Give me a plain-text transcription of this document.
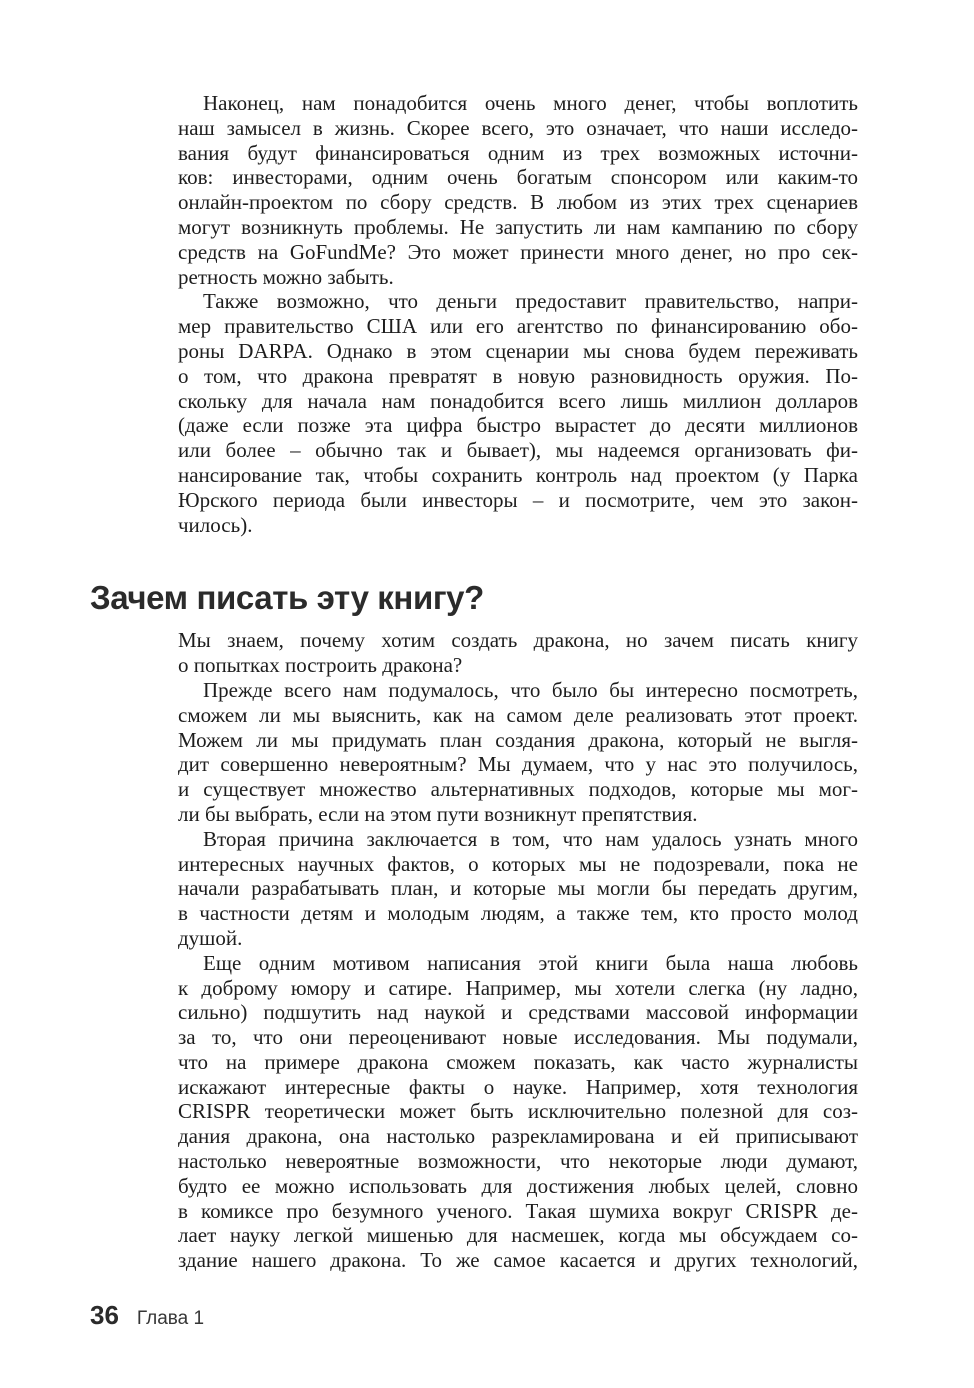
Наконец, нам понадобится очень много денег, чтобы воплотить
наш замысел в жизнь. Скорее всего, это означает, что наши исследо-
вания будут финансироваться одним из трех возможных источни-
ков: инвесторами, одним очень богатым спонсором или каким-то
онлайн-проектом по сбору средств. В любом из этих трех сценариев
могут возникнуть проблемы. Не запустить ли нам кампанию по сбору
средств на GoFundMe? Это может принести много денег, но про сек-
ретность можно забыть.
Также возможно, что деньги предоставит правительство, напри-
мер правительство США или его агентство по финансированию обо-
роны DARPA. Однако в этом сценарии мы снова будем переживать
о том, что дракона превратят в новую разновидность оружия. По-
скольку для начала нам понадобится всего лишь миллион долларов
(даже если позже эта цифра быстро вырастет до десяти миллионов
или более – обычно так и бывает), мы надеемся организовать фи-
нансирование так, чтобы сохранить контроль над проектом (у Парка
Юрского периода были инвесторы – и посмотрите, чем это закон-
чилось).
Зачем писать эту книгу?
Мы знаем, почему хотим создать дракона, но зачем писать книгу
о попытках построить дракона?
Прежде всего нам подумалось, что было бы интересно посмотреть,
сможем ли мы выяснить, как на самом деле реализовать этот проект.
Можем ли мы придумать план создания дракона, который не выгля-
дит совершенно невероятным? Мы думаем, что у нас это получилось,
и существует множество альтернативных подходов, которые мы мог-
ли бы выбрать, если на этом пути возникнут препятствия.
Вторая причина заключается в том, что нам удалось узнать много
интересных научных фактов, о которых мы не подозревали, пока не
начали разрабатывать план, и которые мы могли бы передать другим,
в частности детям и молодым людям, а также тем, кто просто молод
душой.
Еще одним мотивом написания этой книги была наша любовь
к доброму юмору и сатире. Например, мы хотели слегка (ну ладно,
сильно) подшутить над наукой и средствами массовой информации
за то, что они переоценивают новые исследования. Мы подумали,
что на примере дракона сможем показать, как часто журналисты
искажают интересные факты о науке. Например, хотя технология
CRISPR теоретически может быть исключительно полезной для соз-
дания дракона, она настолько разрекламирована и ей приписывают
настолько невероятные возможности, что некоторые люди думают,
будто ее можно использовать для достижения любых целей, словно
в комиксе про безумного ученого. Такая шумиха вокруг CRISPR де-
лает науку легкой мишенью для насмешек, когда мы обсуждаем со-
здание нашего дракона. То же самое касается и других технологий,
36 Глава 1
